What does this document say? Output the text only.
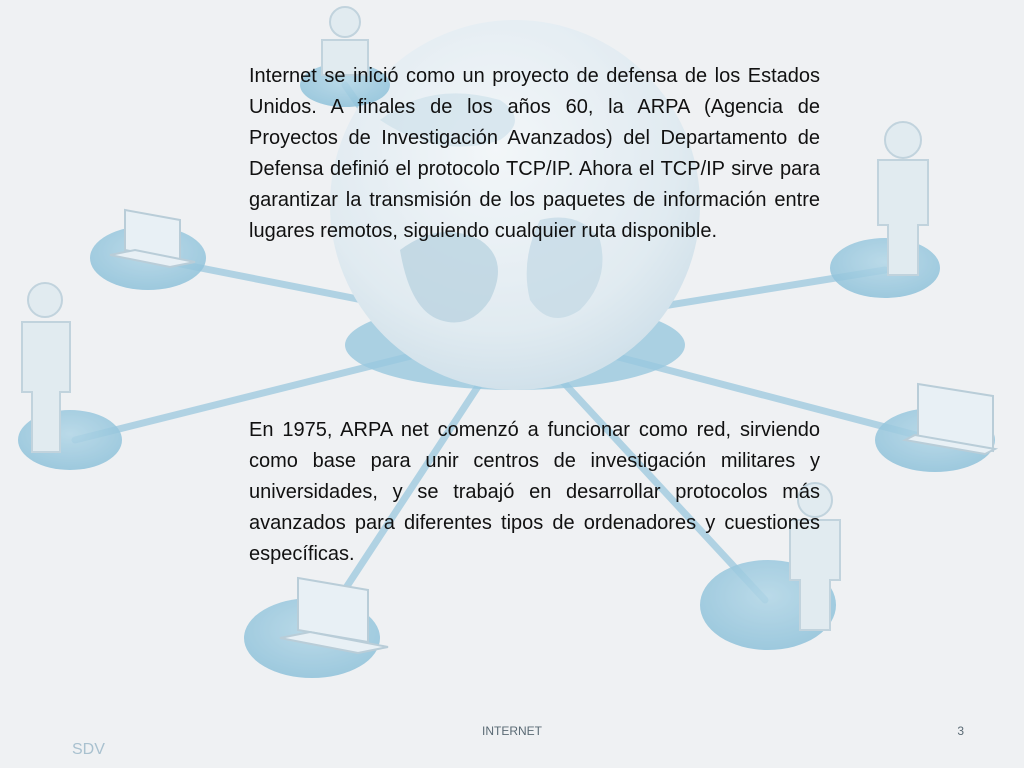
Internet se inició como un proyecto de defensa de los Estados Unidos. A finales de los años 60, la ARPA (Agencia de Proyectos de Investigación Avanzados) del Departamento de Defensa definió el protocolo TCP/IP. Ahora el TCP/IP sirve para garantizar la transmisión de los paquetes de información entre lugares remotos, siguiendo cualquier ruta disponible.

En 1975, ARPA net comenzó a funcionar como red, sirviendo como base para unir centros de investigación militares y universidades, y se trabajó en desarrollar protocolos más avanzados para diferentes tipos de ordenadores y cuestiones específicas.

INTERNET	3
SDV
